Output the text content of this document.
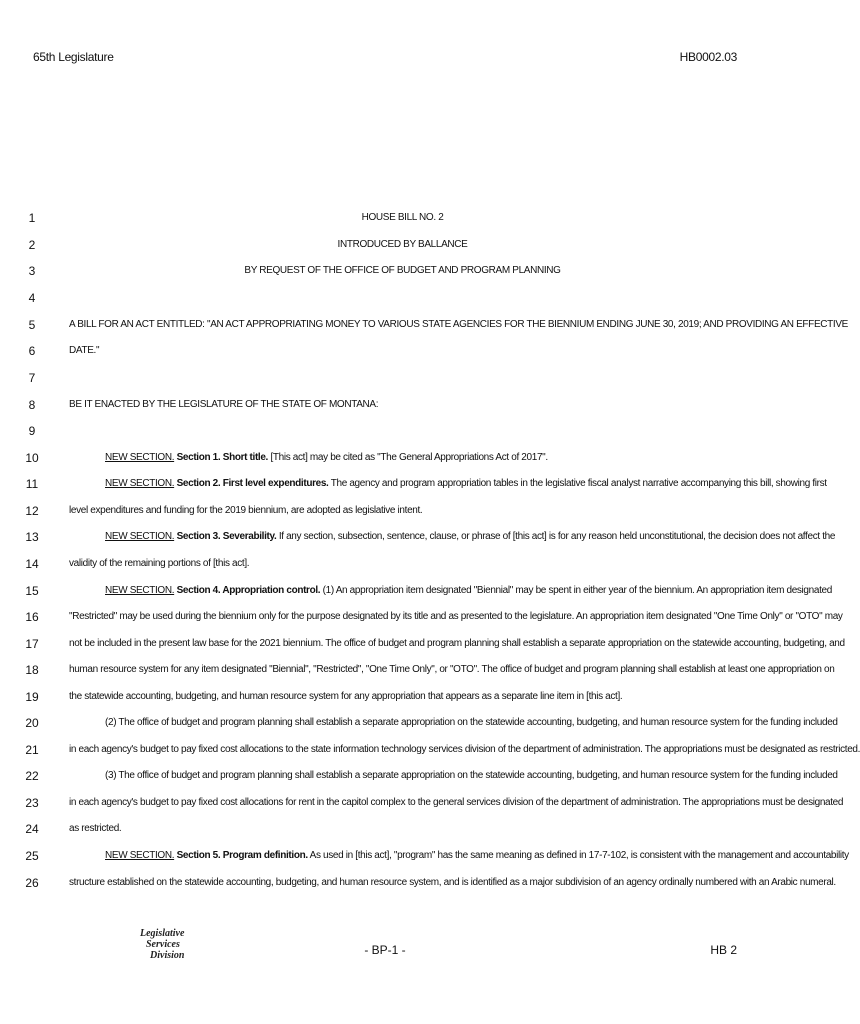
65th Legislature	HB0002.03
1	HOUSE BILL NO. 2
2	INTRODUCED BY BALLANCE
3	BY REQUEST OF THE OFFICE OF BUDGET AND PROGRAM PLANNING
4
5	A BILL FOR AN ACT ENTITLED: "AN ACT APPROPRIATING MONEY TO VARIOUS STATE AGENCIES FOR THE BIENNIUM ENDING JUNE 30, 2019; AND PROVIDING AN EFFECTIVE
6	DATE."
7
8	BE IT ENACTED BY THE LEGISLATURE OF THE STATE OF MONTANA:
9
10	NEW SECTION. Section 1. Short title. [This act] may be cited as "The General Appropriations Act of 2017".
11	NEW SECTION. Section 2. First level expenditures. The agency and program appropriation tables in the legislative fiscal analyst narrative accompanying this bill, showing first
12	level expenditures and funding for the 2019 biennium, are adopted as legislative intent.
13	NEW SECTION. Section 3. Severability. If any section, subsection, sentence, clause, or phrase of [this act] is for any reason held unconstitutional, the decision does not affect the
14	validity of the remaining portions of [this act].
15	NEW SECTION. Section 4. Appropriation control. (1) An appropriation item designated "Biennial" may be spent in either year of the biennium. An appropriation item designated
16	"Restricted" may be used during the biennium only for the purpose designated by its title and as presented to the legislature. An appropriation item designated "One Time Only" or "OTO" may
17	not be included in the present law base for the 2021 biennium. The office of budget and program planning shall establish a separate appropriation on the statewide accounting, budgeting, and
18	human resource system for any item designated "Biennial", "Restricted", "One Time Only", or "OTO". The office of budget and program planning shall establish at least one appropriation on
19	the statewide accounting, budgeting, and human resource system for any appropriation that appears as a separate line item in [this act].
20	(2) The office of budget and program planning shall establish a separate appropriation on the statewide accounting, budgeting, and human resource system for the funding included
21	in each agency's budget to pay fixed cost allocations to the state information technology services division of the department of administration. The appropriations must be designated as restricted.
22	(3) The office of budget and program planning shall establish a separate appropriation on the statewide accounting, budgeting, and human resource system for the funding included
23	in each agency's budget to pay fixed cost allocations for rent in the capitol complex to the general services division of the department of administration. The appropriations must be designated
24	as restricted.
25	NEW SECTION. Section 5. Program definition. As used in [this act], "program" has the same meaning as defined in 17-7-102, is consistent with the management and accountability
26	structure established on the statewide accounting, budgeting, and human resource system, and is identified as a major subdivision of an agency ordinally numbered with an Arabic numeral.
Legislative
Services
Division	- BP-1 -	HB 2
